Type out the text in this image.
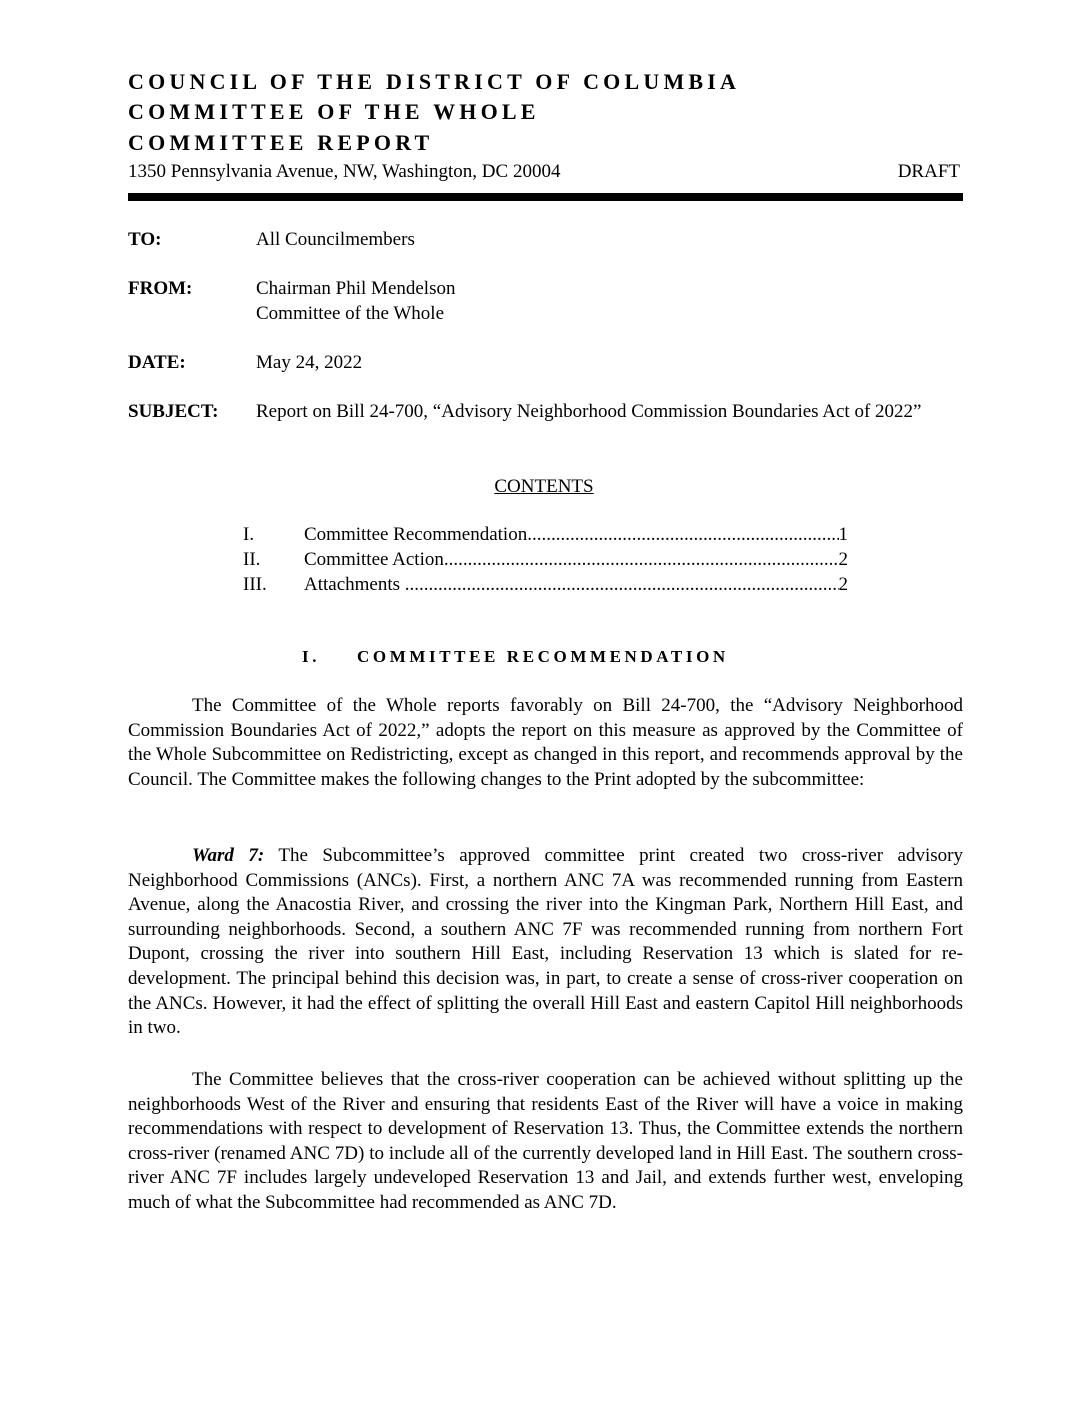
COUNCIL OF THE DISTRICT OF COLUMBIA
COMMITTEE OF THE WHOLE
COMMITTEE REPORT
1350 Pennsylvania Avenue, NW, Washington, DC 20004	DRAFT
TO:	All Councilmembers
FROM:	Chairman Phil Mendelson
Committee of the Whole
DATE:	May 24, 2022
SUBJECT: Report on Bill 24-700, “Advisory Neighborhood Commission Boundaries Act of 2022”
CONTENTS
I.	Committee Recommendation .....	1
II.	Committee Action .....	2
III.	Attachments .....	2
I. COMMITTEE RECOMMENDATION
The Committee of the Whole reports favorably on Bill 24-700, the “Advisory Neighborhood Commission Boundaries Act of 2022,” adopts the report on this measure as approved by the Committee of the Whole Subcommittee on Redistricting, except as changed in this report, and recommends approval by the Council. The Committee makes the following changes to the Print adopted by the subcommittee:
Ward 7: The Subcommittee’s approved committee print created two cross-river advisory Neighborhood Commissions (ANCs). First, a northern ANC 7A was recommended running from Eastern Avenue, along the Anacostia River, and crossing the river into the Kingman Park, Northern Hill East, and surrounding neighborhoods. Second, a southern ANC 7F was recommended running from northern Fort Dupont, crossing the river into southern Hill East, including Reservation 13 which is slated for re-development. The principal behind this decision was, in part, to create a sense of cross-river cooperation on the ANCs. However, it had the effect of splitting the overall Hill East and eastern Capitol Hill neighborhoods in two.
The Committee believes that the cross-river cooperation can be achieved without splitting up the neighborhoods West of the River and ensuring that residents East of the River will have a voice in making recommendations with respect to development of Reservation 13. Thus, the Committee extends the northern cross-river (renamed ANC 7D) to include all of the currently developed land in Hill East. The southern cross-river ANC 7F includes largely undeveloped Reservation 13 and Jail, and extends further west, enveloping much of what the Subcommittee had recommended as ANC 7D.
